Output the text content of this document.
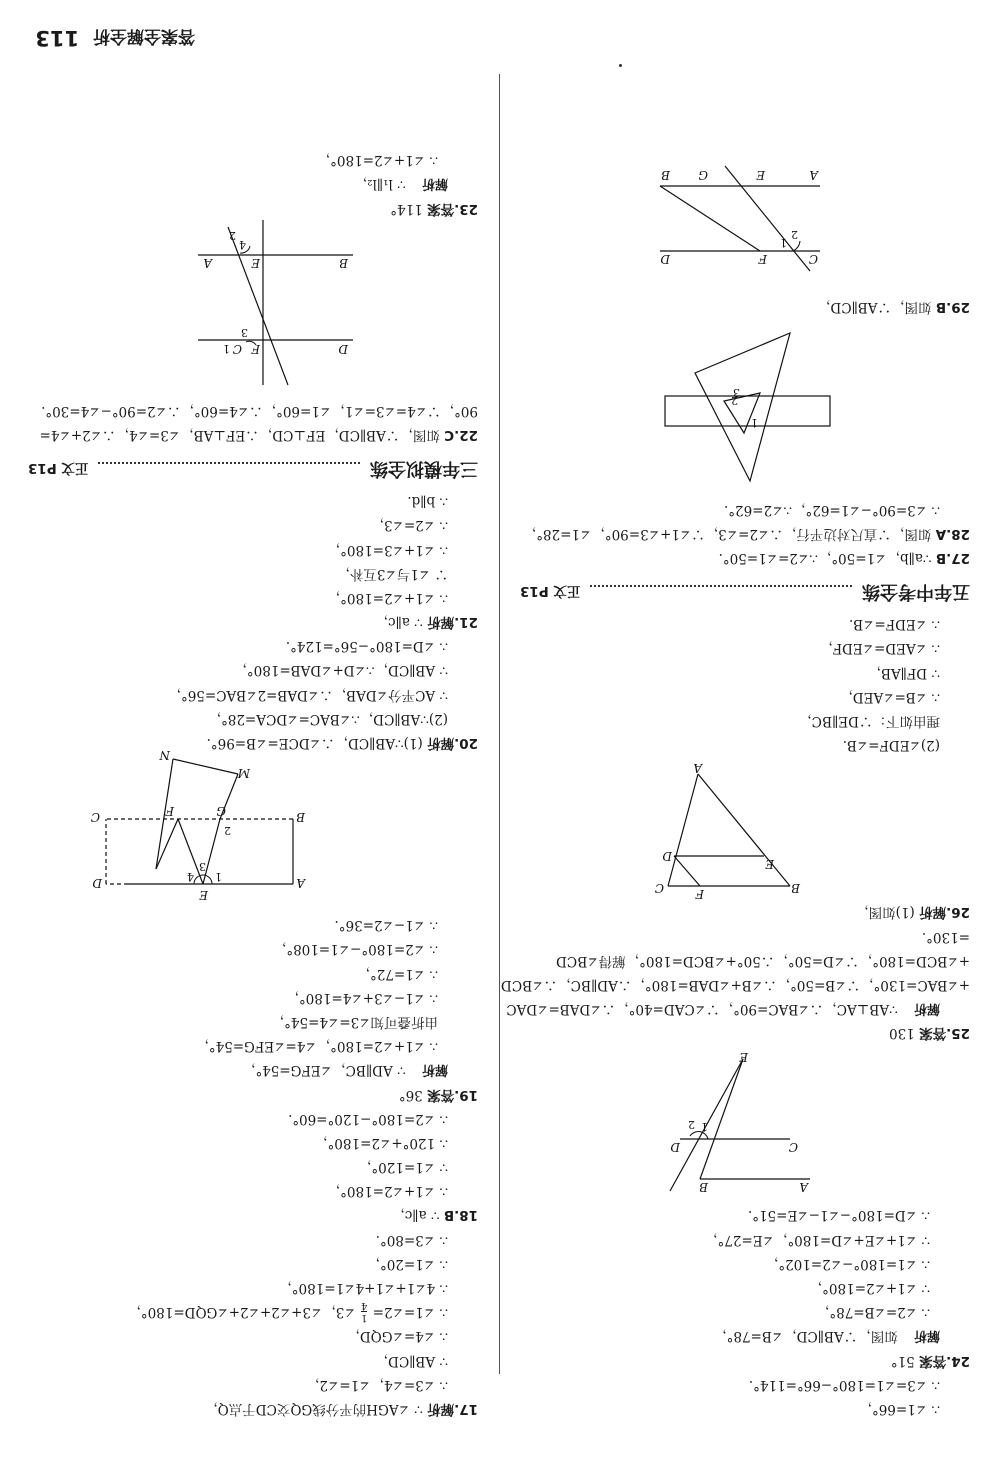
答案全解全析 113
∴ ∠1=66°，
∴ ∠3=∠1=180°−66°=114°.
24.答案 51°
解析 如图，∵AB∥CD，∠B=78°，
∴ ∠2=∠B=78°，
∵ ∠1+∠2=180°，
∴ ∠1=180°−∠2=102°，
∵ ∠1+∠E+∠D=180°，∠E=27°，
∴ ∠D=180°−∠1−∠E=51°.
B	A
D	C
1
2
E
25.答案 130
解析 ∵AB⊥AC，∴∠BAC=90°，∵∠CAD=40°，∴∠DAB=∠DAC
+∠BAC=130°，∵∠B=50°，∴∠B+∠DAB=180°，∴AD∥BC，∴∠BCD
+∠BCD=180°，∵∠D=50°，∴50°+∠BCD=180°，解得∠BCD
=130°.
26.解析 (1)如图，
A
B
C
D
E
F
(2)∠EDF=∠B.
理由如下：∵DE∥BC，
∴ ∠B=∠AED，
∵ DF∥AB，
∴ ∠AED=∠EDF，
∴ ∠EDF=∠B.
五年中考全练
正文 P13
27.B ∵a∥b，∠1=50°，∴∠2=∠1=50°.
28.A 如图，∵直尺对边平行，∴∠2=∠3，∵∠1+∠3=90°，∠1=28°，
∴ ∠3=90°−∠1=62°，∴∠2=62°.
1
3
2
29.B 如图，∵AB∥CD，
D	C
F
1
2
B G	E	A
17.解析 ∵ ∠AGH的平分线GQ交CD于点Q，
∴ ∠3=∠4，∠1=∠2，
∵ AB∥CD，
∴ ∠4=∠GQD，
∴ ∠1=∠2=
1
4
∠3，∠3+∠2+∠2+∠GQD=180°，
∴ 4∠1+∠1+4∠1=180°，
∴ ∠1=20°，
∴ ∠3=80°.
18.B ∵ a∥c，
∴ ∠1+∠2=180°，
∵ ∠1=120°，
∴ 120°+∠2=180°，
∴ ∠2=180°−120°=60°.
19.答案 36°
解析 ∵ AD∥BC，∠EFG=54°，
∴ ∠1+∠2=180°，∠4=∠EFG=54°，
由折叠可知∠3=∠4=54°，
∴ ∠1−∠3+∠4=180°，
∴ ∠1=72°，
∴ ∠2=180°−∠1=108°，
∴ ∠1−∠2=36°.
A
B
C
D
E
F	G
M
N
1
2
3
4
20.解析 (1)∵AB∥CD，∴∠DCE=∠B=96°.
(2)∵AB∥CD，∴∠BAC=∠DCA=28°，
∵ AC平分∠DAB，∴∠DAB=2∠BAC=56°，
∵ AB∥CD，∴∠D+∠DAB=180°，
∴ ∠D=180°−56°=124°.
21.解析 ∵ a∥c，
∴ ∠1+∠2=180°，
∵ ∠1与∠3互补，
∴ ∠1+∠3=180°，
∴ ∠2=∠3，
∴ b∥d.
三年模拟全练
正文 P13
22.C 如图，∵AB∥CD，EF⊥CD，∴EF⊥AB，∠3=∠4，∴∠2+∠4=
90°，∵∠4=∠3=∠1，∠1=60°，∴∠4=60°，∴∠2=90°−∠4=30°.
D
F
C
1
3
B
E
4
A
2
23.答案 114°
解析 ∵ l₁∥l₂，
∴ ∠1+∠2=180°，
